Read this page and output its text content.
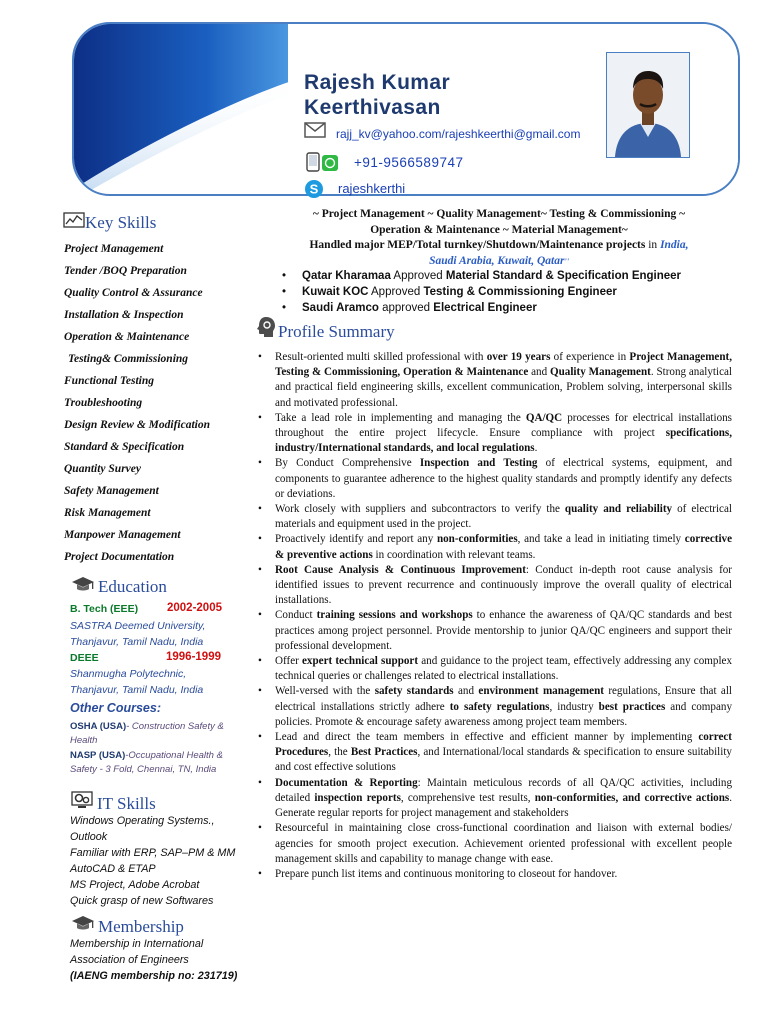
Rajesh Kumar
Keerthivasan
rajj_kv@yahoo.com/rajeshkeerthi@gmail.com
+91-9566589747
S rajeshkerthi
Key Skills
Project Management
Tender /BOQ Preparation
Quality Control & Assurance
Installation & Inspection
Operation & Maintenance
Testing& Commissioning
Functional Testing
Troubleshooting
Design Review & Modification
Standard & Specification
Quantity Survey
Safety Management
Risk Management
Manpower Management
Project Documentation
Education
B. Tech (EEE)	2002-2005
SASTRA Deemed University,
Thanjavur, Tamil Nadu, India
DEEE	1996-1999
Shanmugha Polytechnic,
Thanjavur, Tamil Nadu, India
Other Courses:
OSHA (USA)- Construction Safety & Health
NASP (USA)-Occupational Health & Safety - 3 Fold, Chennai, TN, India
IT Skills
Windows Operating Systems.,
Outlook
Familiar with ERP, SAP–PM & MM
AutoCAD & ETAP
MS Project, Adobe Acrobat
Quick grasp of new Softwares
Membership
Membership in International
Association of Engineers
(IAENG membership no: 231719)
~ Project Management ~ Quality Management~ Testing & Commissioning ~
Operation & Maintenance ~ Material Management~
Handled major MEP/Total turnkey/Shutdown/Maintenance projects in India,
Saudi Arabia, Kuwait, Qatar''
• Qatar Kharamaa Approved Material Standard & Specification Engineer
• Kuwait KOC Approved Testing & Commissioning Engineer
• Saudi Aramco approved Electrical Engineer
Profile Summary
• Result-oriented multi skilled professional with over 19 years of experience in Project Management, Testing & Commissioning, Operation & Maintenance and Quality Management. Strong analytical and practical field engineering skills, excellent communication, Problem solving, interpersonal skills and motivated professional.
• Take a lead role in implementing and managing the QA/QC processes for electrical installations throughout the entire project lifecycle. Ensure compliance with project specifications, industry/International standards, and local regulations.
• By Conduct Comprehensive Inspection and Testing of electrical systems, equipment, and components to guarantee adherence to the highest quality standards and promptly identify any defects or deviations.
• Work closely with suppliers and subcontractors to verify the quality and reliability of electrical materials and equipment used in the project.
• Proactively identify and report any non-conformities, and take a lead in initiating timely corrective & preventive actions in coordination with relevant teams.
• Root Cause Analysis & Continuous Improvement: Conduct in-depth root cause analysis for identified issues to prevent recurrence and continuously improve the overall quality of electrical installations.
• Conduct training sessions and workshops to enhance the awareness of QA/QC standards and best practices among project personnel. Provide mentorship to junior QA/QC engineers and support their professional development.
• Offer expert technical support and guidance to the project team, effectively addressing any complex technical queries or challenges related to electrical installations.
• Well-versed with the safety standards and environment management regulations, Ensure that all electrical installations strictly adhere to safety regulations, industry best practices and company policies. Promote & encourage safety awareness among project team members.
• Lead and direct the team members in effective and efficient manner by implementing correct Procedures, the Best Practices, and International/local standards & specification to ensure suitability and cost effective solutions
• Documentation & Reporting: Maintain meticulous records of all QA/QC activities, including detailed inspection reports, comprehensive test results, non-conformities, and corrective actions. Generate regular reports for project management and stakeholders
• Resourceful in maintaining close cross-functional coordination and liaison with external bodies/ agencies for smooth project execution. Achievement oriented professional with excellent people management skills and capability to manage change with ease.
• Prepare punch list items and continuous monitoring to closeout for handover.
